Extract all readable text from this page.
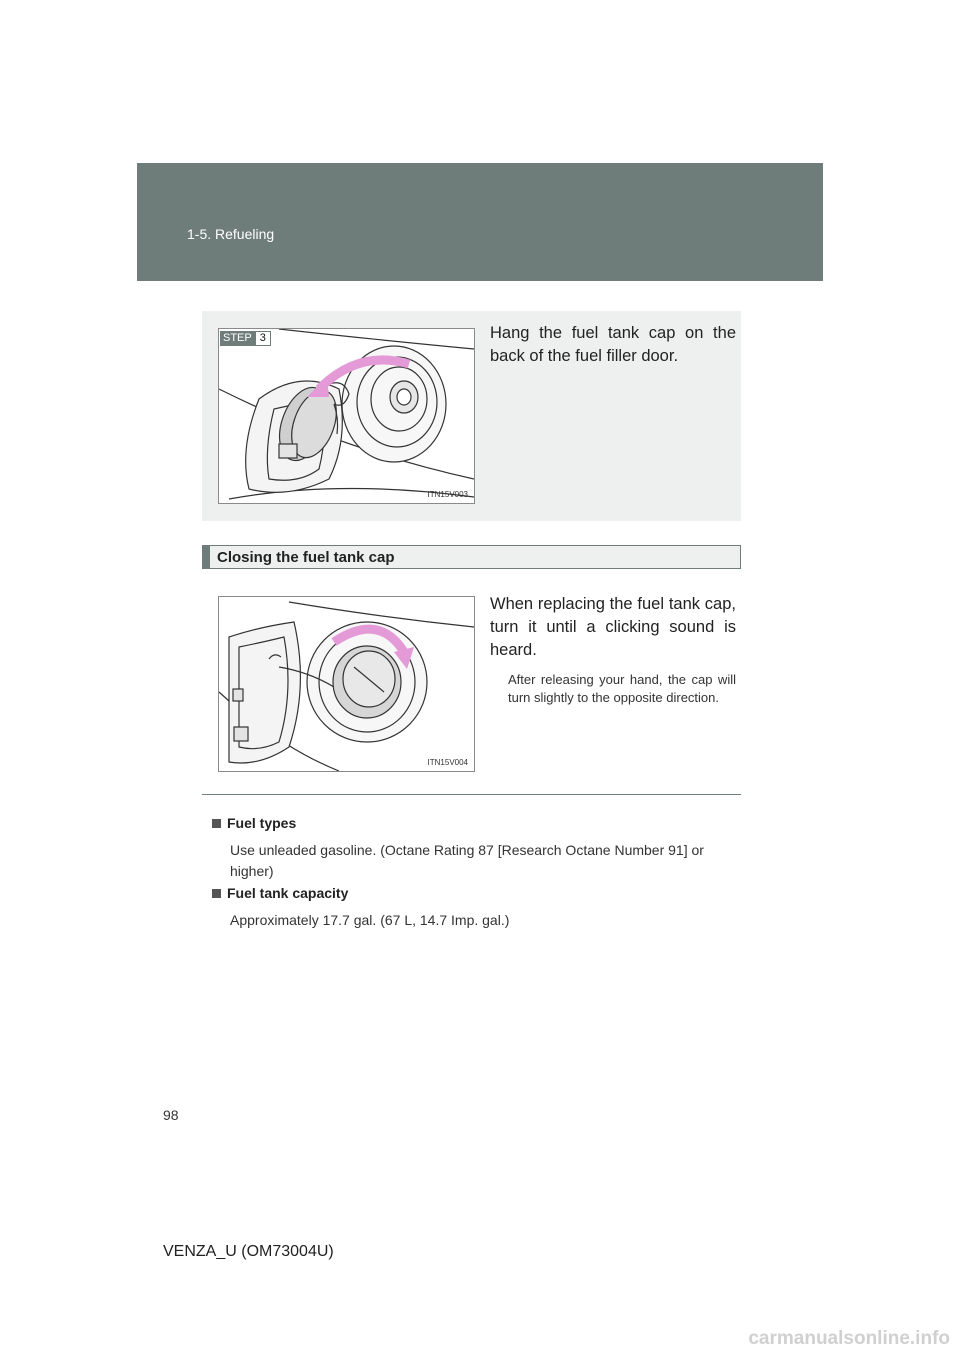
1-5. Refueling
ITN15V003
STEP 3	Hang the fuel tank cap on the back of the fuel filler door.

Closing the fuel tank cap
ITN15V004

When replacing the fuel tank cap, turn it until a clicking sound is heard.

After releasing your hand, the cap will turn slightly to the opposite direction.

Fuel types
Use unleaded gasoline. (Octane Rating 87 [Research Octane Number 91] or higher)
Fuel tank capacity
Approximately 17.7 gal. (67 L, 14.7 Imp. gal.)
98
VENZA_U (OM73004U)
carmanualsonline.info
